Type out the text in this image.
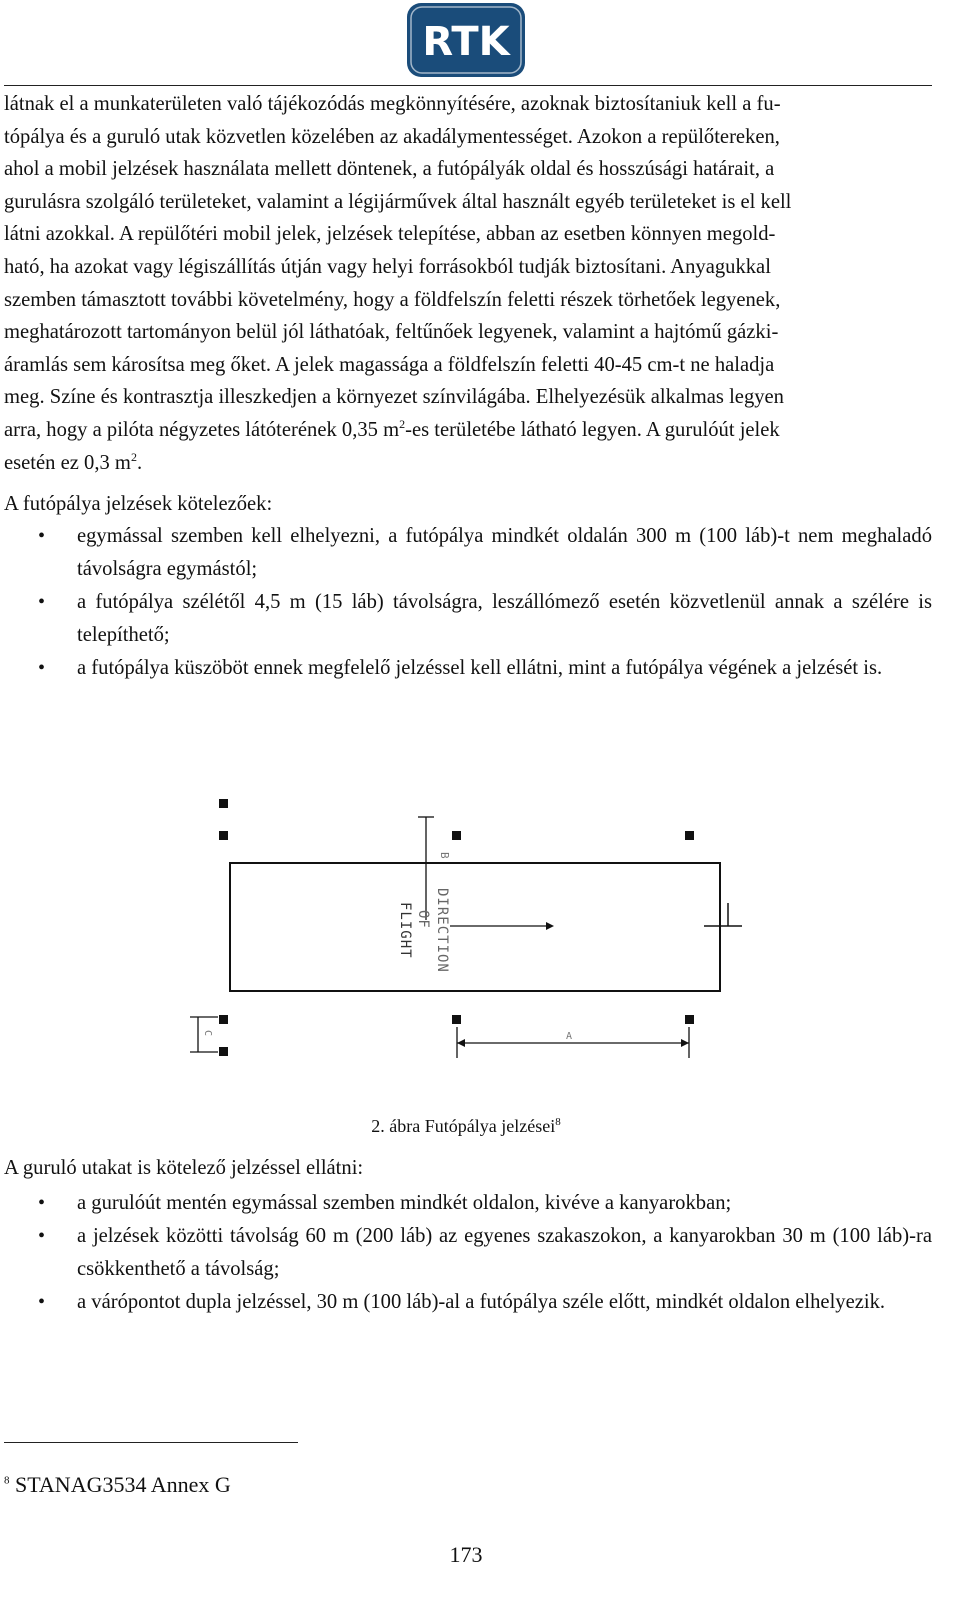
RTK
látnak el a munkaterületen való tájékozódás megkönnyítésére, azoknak biztosítaniuk kell a fu-
tópálya és a guruló utak közvetlen közelében az akadálymentességet. Azokon a repülőtereken,
ahol a mobil jelzések használata mellett döntenek, a futópályák oldal és hosszúsági határait, a
gurulásra szolgáló területeket, valamint a légijárművek által használt egyéb területeket is el kell
látni azokkal. A repülőtéri mobil jelek, jelzések telepítése, abban az esetben könnyen megold-
ható, ha azokat vagy légiszállítás útján vagy helyi forrásokból tudják biztosítani. Anyagukkal
szemben támasztott további követelmény, hogy a földfelszín feletti részek törhetőek legyenek,
meghatározott tartományon belül jól láthatóak, feltűnőek legyenek, valamint a hajtómű gázki-
áramlás sem károsítsa meg őket. A jelek magassága a földfelszín feletti 40-45 cm-t ne haladja
meg. Színe és kontrasztja illeszkedjen a környezet színvilágába. Elhelyezésük alkalmas legyen
arra, hogy a pilóta négyzetes látóterének 0,35 $m^2-es$ területébe látható legyen. A gurulóút jelek
esetén ez 0,3 $m^2$.
A futópálya jelzések kötelezőek:
• egymással szemben kell elhelyezni, a futópálya mindkét oldalán 300 m (100 láb)-t nem meghaladó távolságra egymástól;
• a futópálya szélétől 4,5 m (15 láb) távolságra, leszállómező esetén közvetlenül annak a szélére is telepíthető;
• a futópálya küszöböt ennek megfelelő jelzéssel kell ellátni, mint a futópálya végének a jelzését is.
B
DIRECTION
OF
FLIGHT
A
C
2. ábra Futópálya jelzései$^8$
A guruló utakat is kötelező jelzéssel ellátni:
• a gurulóút mentén egymással szemben mindkét oldalon, kivéve a kanyarokban;
• a jelzések közötti távolság 60 m (200 láb) az egyenes szakaszokon, a kanyarokban 30 m (100 láb)-ra csökkenthető a távolság;
• a várópontot dupla jelzéssel, 30 m (100 láb)-al a futópálya széle előtt, mindkét oldalon elhelyezik.
$^8$ STANAG3534 Annex G
173
